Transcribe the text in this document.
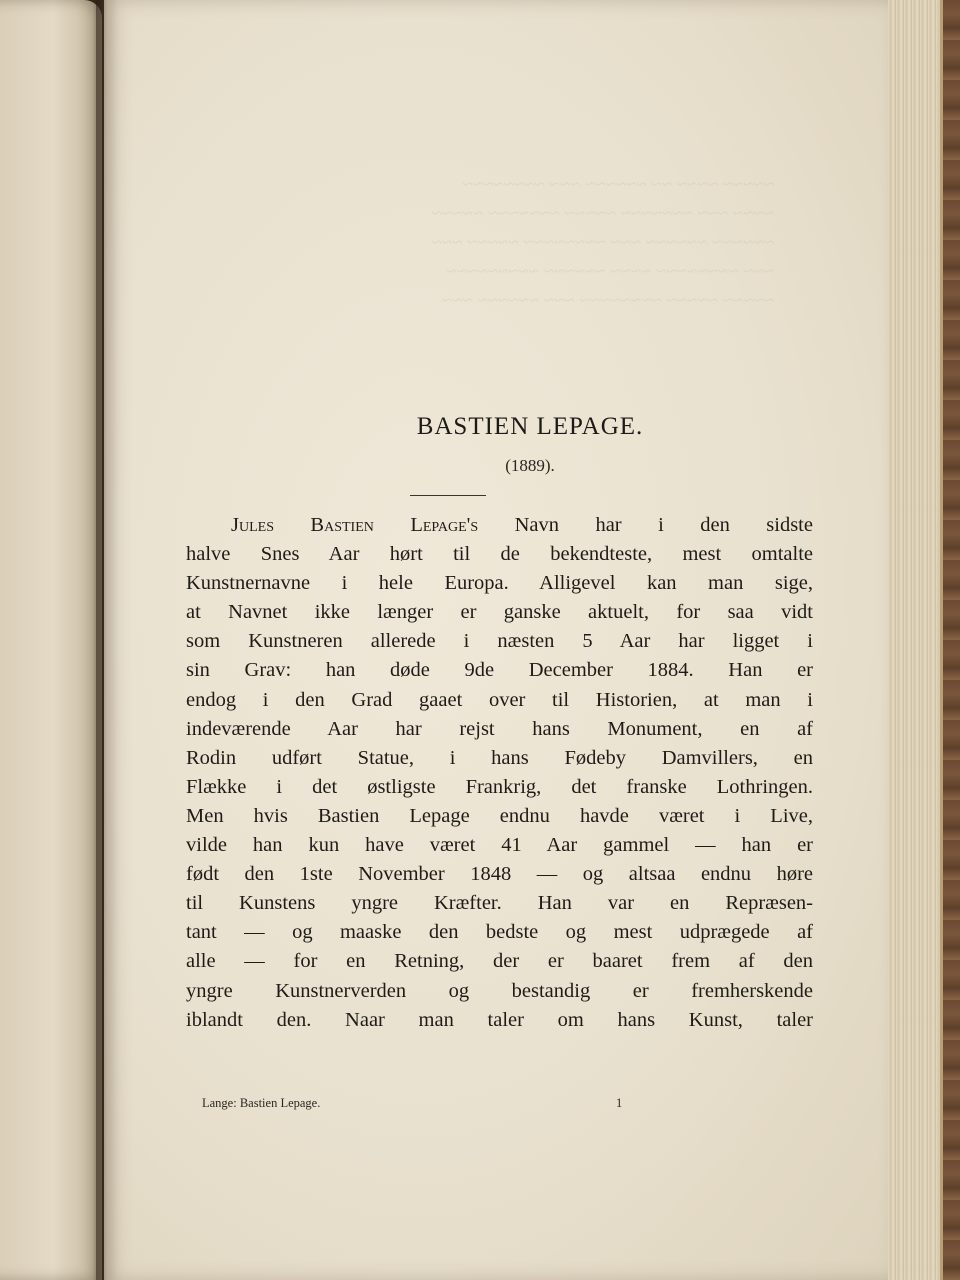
~~~~~ ~~~~ ~~ ~~~~~~ ~~~ ~~~~~~~~
~~~~ ~~~ ~~~~~~~ ~~~~~ ~~~~~~~ ~~~~~
~~~~~~ ~~~~~~ ~~~ ~~~~~~~~ ~~~~~ ~~~
~~~ ~~~~~~~~ ~~~~ ~~~~~~ ~~~~~~~~~
~~~~~ ~~~~~ ~~~~~~~~ ~~~ ~~~~~~ ~~~
BASTIEN LEPAGE.
(1889).
Jules Bastien Lepage's Navn har i den sidste
halve Snes Aar hørt til de bekendteste, mest omtalte
Kunstnernavne i hele Europa. Alligevel kan man sige,
at Navnet ikke længer er ganske aktuelt, for saa vidt
som Kunstneren allerede i næsten 5 Aar har ligget i
sin Grav: han døde 9de December 1884. Han er
endog i den Grad gaaet over til Historien, at man i
indeværende Aar har rejst hans Monument, en af
Rodin udført Statue, i hans Fødeby Damvillers, en
Flække i det østligste Frankrig, det franske Lothringen.
Men hvis Bastien Lepage endnu havde været i Live,
vilde han kun have været 41 Aar gammel — han er
født den 1ste November 1848 — og altsaa endnu høre
til Kunstens yngre Kræfter. Han var en Repræsen-
tant — og maaske den bedste og mest udprægede af
alle — for en Retning, der er baaret frem af den
yngre Kunstnerverden og bestandig er fremherskende
iblandt den. Naar man taler om hans Kunst, taler
Lange: Bastien Lepage.	1
